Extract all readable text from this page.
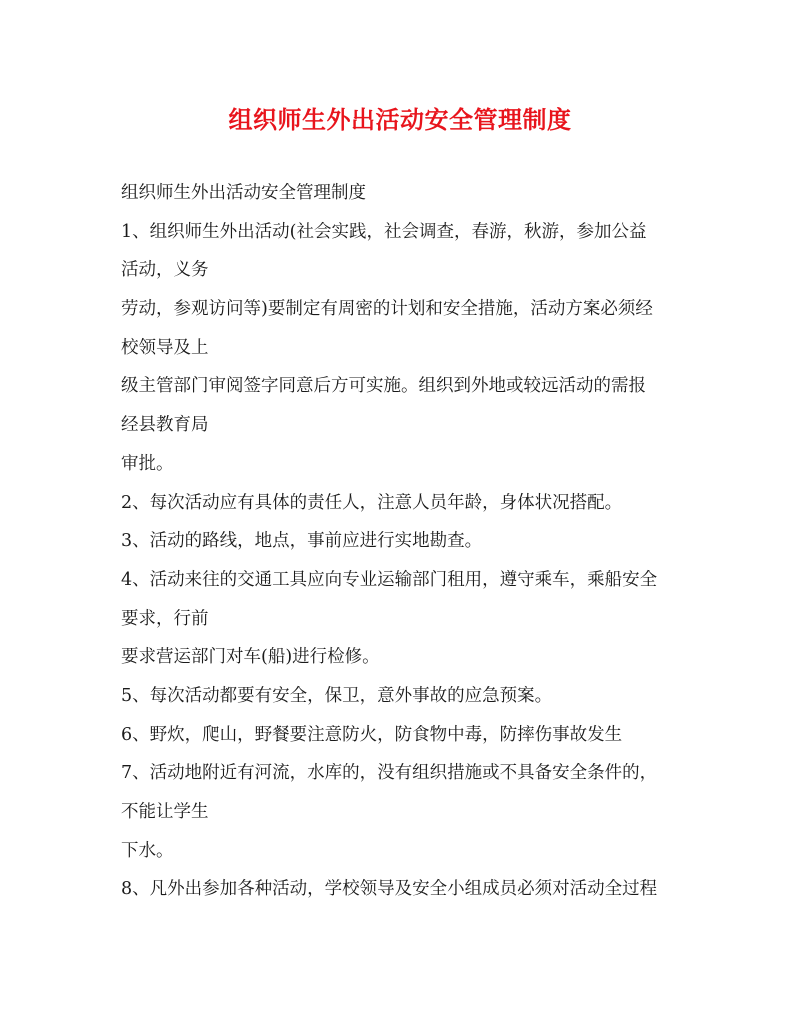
组织师生外出活动安全管理制度
组织师生外出活动安全管理制度
1、组织师生外出活动(社会实践，社会调查，春游，秋游，参加公益
活动，义务
劳动，参观访问等)要制定有周密的计划和安全措施，活动方案必须经
校领导及上
级主管部门审阅签字同意后方可实施。组织到外地或较远活动的需报
经县教育局
审批。
2、每次活动应有具体的责任人，注意人员年龄，身体状况搭配。
3、活动的路线，地点，事前应进行实地勘查。
4、活动来往的交通工具应向专业运输部门租用，遵守乘车，乘船安全
要求，行前
要求营运部门对车(船)进行检修。
5、每次活动都要有安全，保卫，意外事故的应急预案。
6、野炊，爬山，野餐要注意防火，防食物中毒，防摔伤事故发生
7、活动地附近有河流，水库的，没有组织措施或不具备安全条件的，
不能让学生
下水。
8、凡外出参加各种活动，学校领导及安全小组成员必须对活动全过程
